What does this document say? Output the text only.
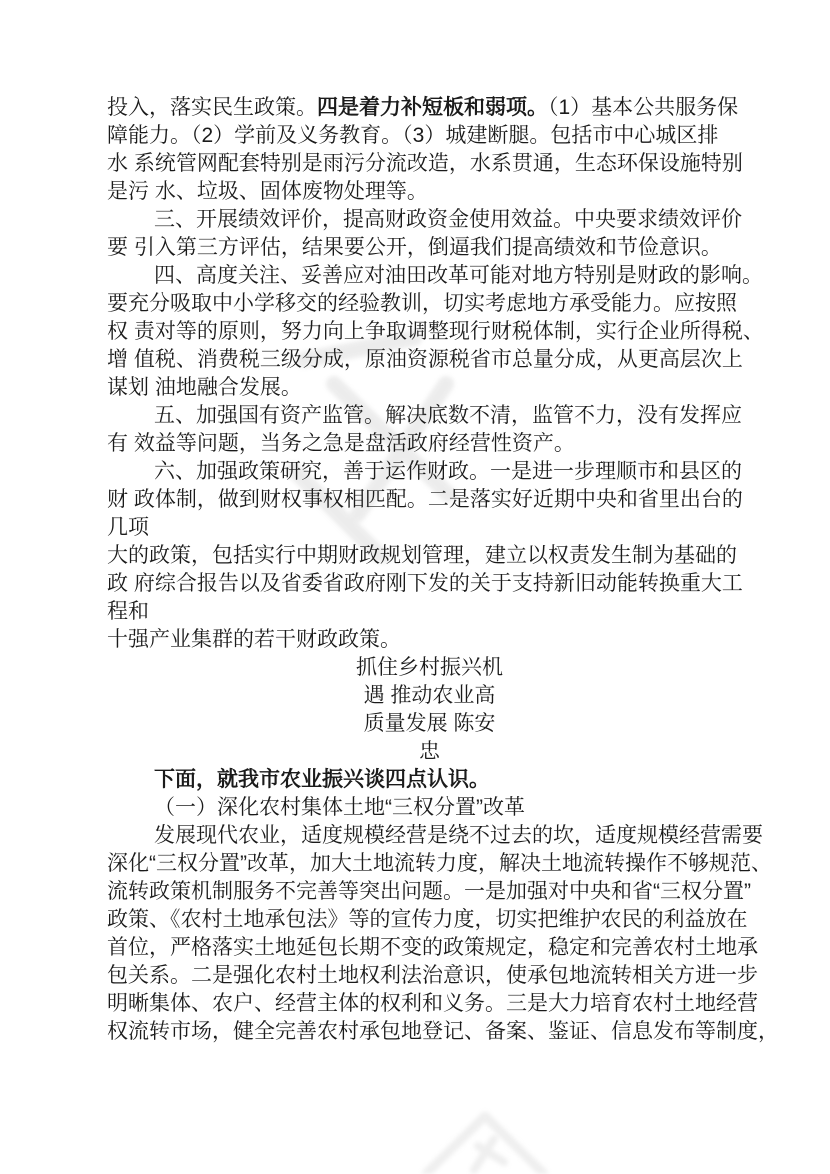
投入，落实民生政策。四是着力补短板和弱项。（1）基本公共服务保
障能力。（2）学前及义务教育。（3）城建断腿。包括市中心城区排
水 系统管网配套特别是雨污分流改造，水系贯通，生态环保设施特别
是污 水、垃圾、固体废物处理等。
三、开展绩效评价，提高财政资金使用效益。中央要求绩效评价
要 引入第三方评估，结果要公开，倒逼我们提高绩效和节俭意识。
四、高度关注、妥善应对油田改革可能对地方特别是财政的影响。
要充分吸取中小学移交的经验教训，切实考虑地方承受能力。应按照
权 责对等的原则，努力向上争取调整现行财税体制，实行企业所得税、
增 值税、消费税三级分成，原油资源税省市总量分成，从更高层次上
谋划 油地融合发展。
五、加强国有资产监管。解决底数不清，监管不力，没有发挥应
有 效益等问题，当务之急是盘活政府经营性资产。
六、加强政策研究，善于运作财政。一是进一步理顺市和县区的
财 政体制，做到财权事权相匹配。二是落实好近期中央和省里出台的
几项
大的政策，包括实行中期财政规划管理，建立以权责发生制为基础的
政 府综合报告以及省委省政府刚下发的关于支持新旧动能转换重大工
程和
十强产业集群的若干财政政策。
抓住乡村振兴机
遇 推动农业高
质量发展 陈安
忠
下面，就我市农业振兴谈四点认识。
（一）深化农村集体土地“三权分置”改革
发展现代农业，适度规模经营是绕不过去的坎，适度规模经营需要
深化“三权分置”改革，加大土地流转力度，解决土地流转操作不够规范、
流转政策机制服务不完善等突出问题。一是加强对中央和省“三权分置”
政策、《农村土地承包法》等的宣传力度，切实把维护农民的利益放在
首位，严格落实土地延包长期不变的政策规定，稳定和完善农村土地承
包关系。二是强化农村土地权利法治意识，使承包地流转相关方进一步
明晰集体、农户、经营主体的权利和义务。三是大力培育农村土地经营
权流转市场，健全完善农村承包地登记、备案、鉴证、信息发布等制度，
